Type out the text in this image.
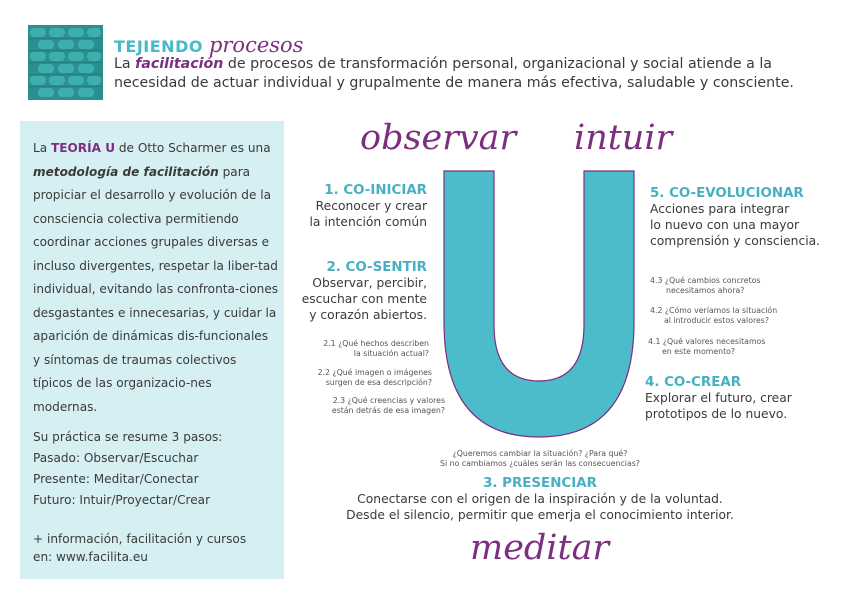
TEJIENDO procesos
La facilitación de procesos de transformación personal, organizacional y social atiende a la
necesidad de actuar individual y grupalmente de manera más efectiva, saludable y consciente.
La TEORÍA U de Otto Scharmer es una metodología de facilitación para propiciar el desarrollo y evolución de la consciencia colectiva permitiendo coordinar acciones grupales diversas e incluso divergentes, respetar la liber-tad individual, evitando las confronta-ciones desgastantes e innecesarias, y cuidar la aparición de dinámicas dis-funcionales y síntomas de traumas colectivos típicos de las organizacio-nes modernas.
Su práctica se resume 3 pasos:
Pasado: Observar/Escuchar
Presente: Meditar/Conectar
Futuro: Intuir/Proyectar/Crear
+ información, facilitación y cursos
en: www.facilita.eu
observar intuir
meditar
1. CO-INICIAR
Reconocer y crear
la intención común
2. CO-SENTIR
Observar, percibir,
escuchar con mente
y corazón abiertos.
2.1 ¿Qué hechos describen
la situación actual?
2.2 ¿Qué imagen o imágenes
surgen de esa descripción?
2.3 ¿Qué creencias y valores
están detrás de esa imagen?
5. CO-EVOLUCIONAR
Acciones para integrar
lo nuevo con una mayor
comprensión y consciencia.
4.3 ¿Qué cambios concretos
necesitamos ahora?
4.2 ¿Cómo veríamos la situación
al introducir estos valores?
4.1 ¿Qué valores necesitamos
en este momento?
4. CO-CREAR
Explorar el futuro, crear
prototipos de lo nuevo.
¿Queremos cambiar la situación? ¿Para qué?
Si no cambiamos ¿cuáles serán las consecuencias?
3. PRESENCIAR
Conectarse con el origen de la inspiración y de la voluntad.
Desde el silencio, permitir que emerja el conocimiento interior.
